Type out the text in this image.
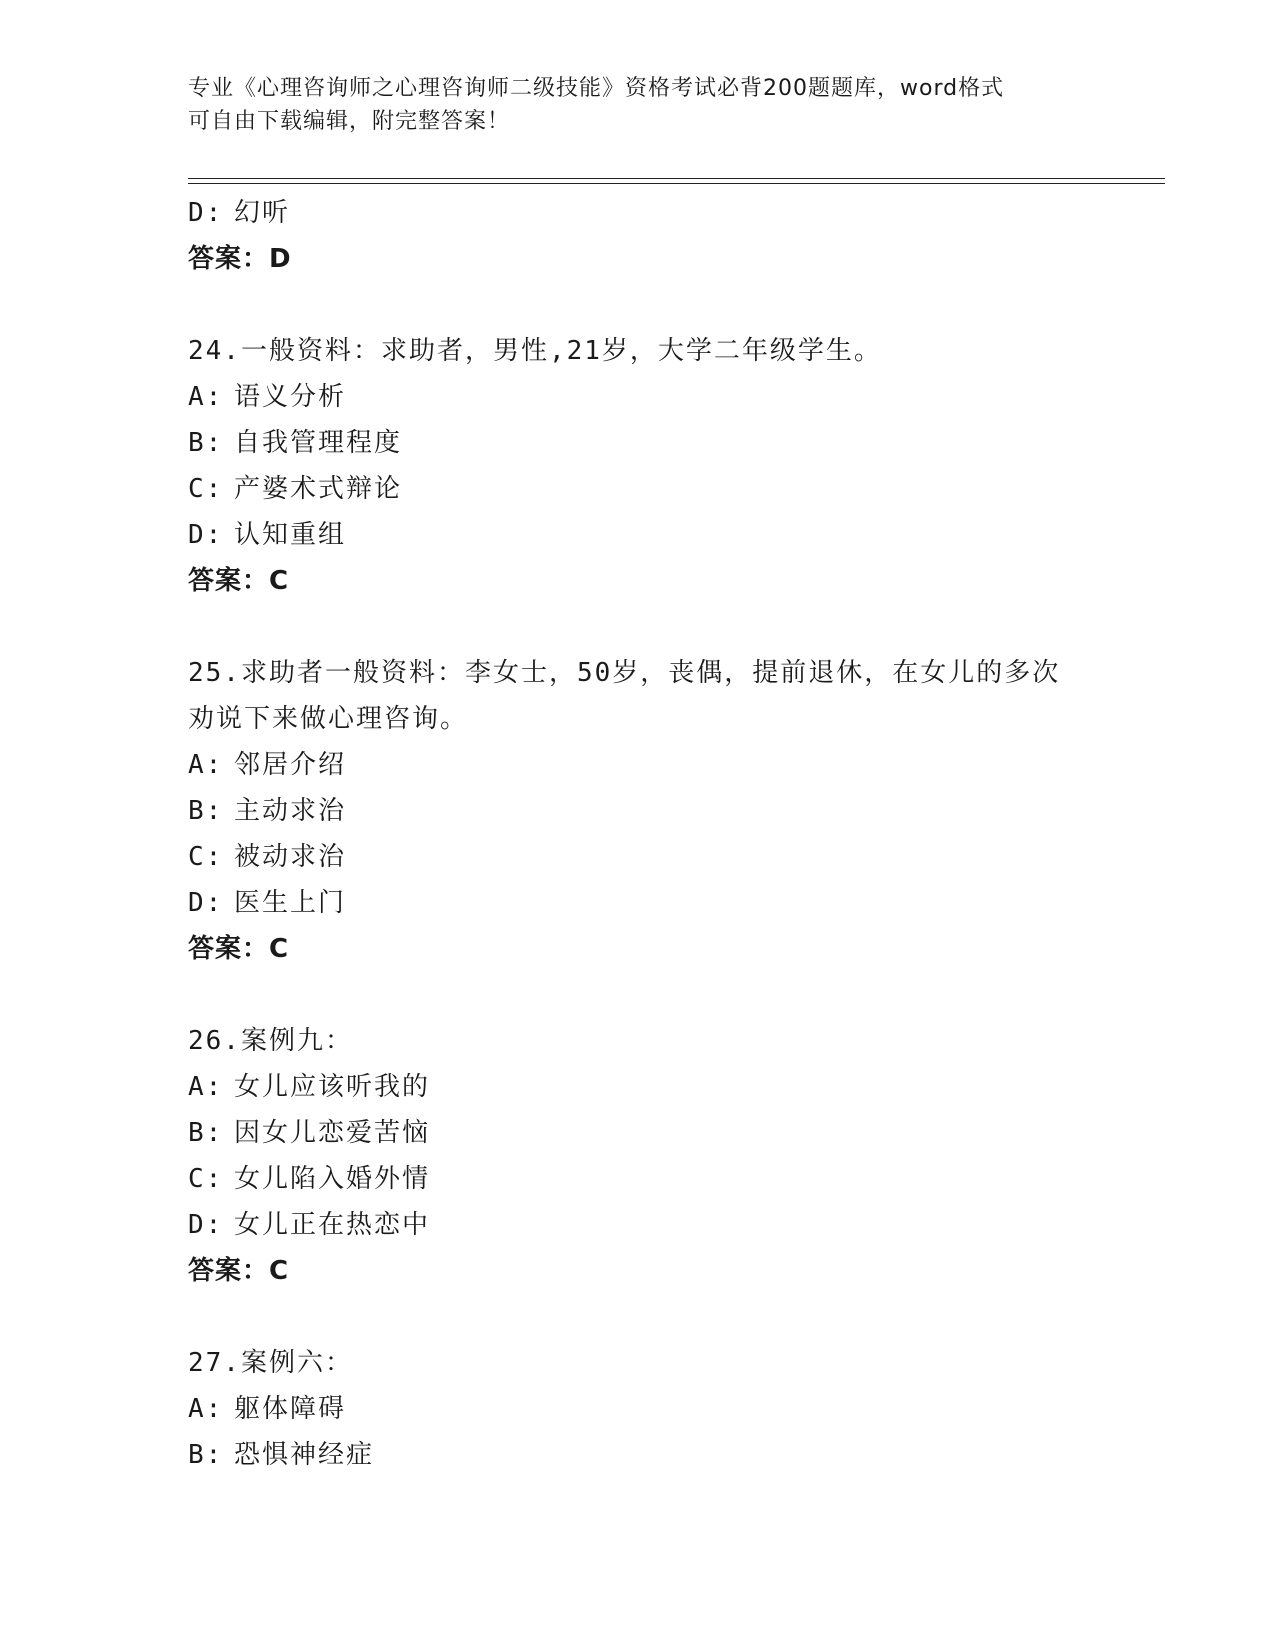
专业《心理咨询师之心理咨询师二级技能》资格考试必背200题题库，word格式
可自由下载编辑，附完整答案！
D: 幻听
答案：D
24.一般资料：求助者，男性,21岁，大学二年级学生。
A: 语义分析
B: 自我管理程度
C: 产婆术式辩论
D: 认知重组
答案：C
25.求助者一般资料：李女士，50岁，丧偶，提前退休，在女儿的多次
劝说下来做心理咨询。
A: 邻居介绍
B: 主动求治
C: 被动求治
D: 医生上门
答案：C
26.案例九：
A: 女儿应该听我的
B: 因女儿恋爱苦恼
C: 女儿陷入婚外情
D: 女儿正在热恋中
答案：C
27.案例六：
A: 躯体障碍
B: 恐惧神经症
